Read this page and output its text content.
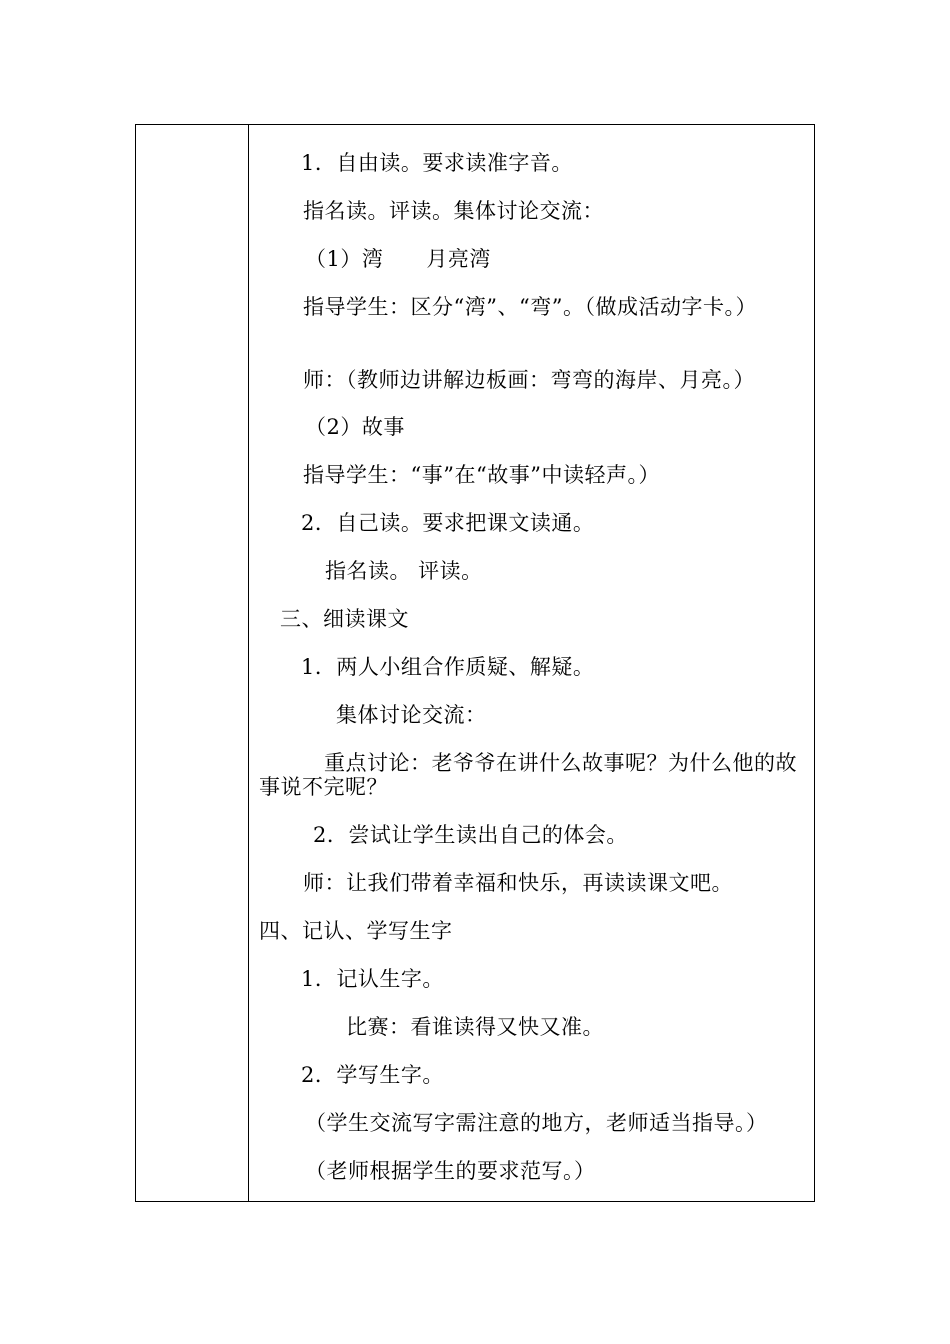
1．自由读。要求读准字音。
指名读。评读。集体讨论交流：
（1）湾　　月亮湾
指导学生：区分“湾”、“弯”。（做成活动字卡。）
师：（教师边讲解边板画：弯弯的海岸、月亮。）
（2）故事
指导学生：“事”在“故事”中读轻声。）
2．自己读。要求把课文读通。
指名读。 评读。
三、细读课文
1．两人小组合作质疑、解疑。
集体讨论交流：
重点讨论：老爷爷在讲什么故事呢？为什么他的故事说不完呢？
2．尝试让学生读出自己的体会。
师：让我们带着幸福和快乐，再读读课文吧。
四、记认、学写生字
1．记认生字。
比赛：看谁读得又快又准。
2．学写生字。
（学生交流写字需注意的地方，老师适当指导。）
（老师根据学生的要求范写。）
